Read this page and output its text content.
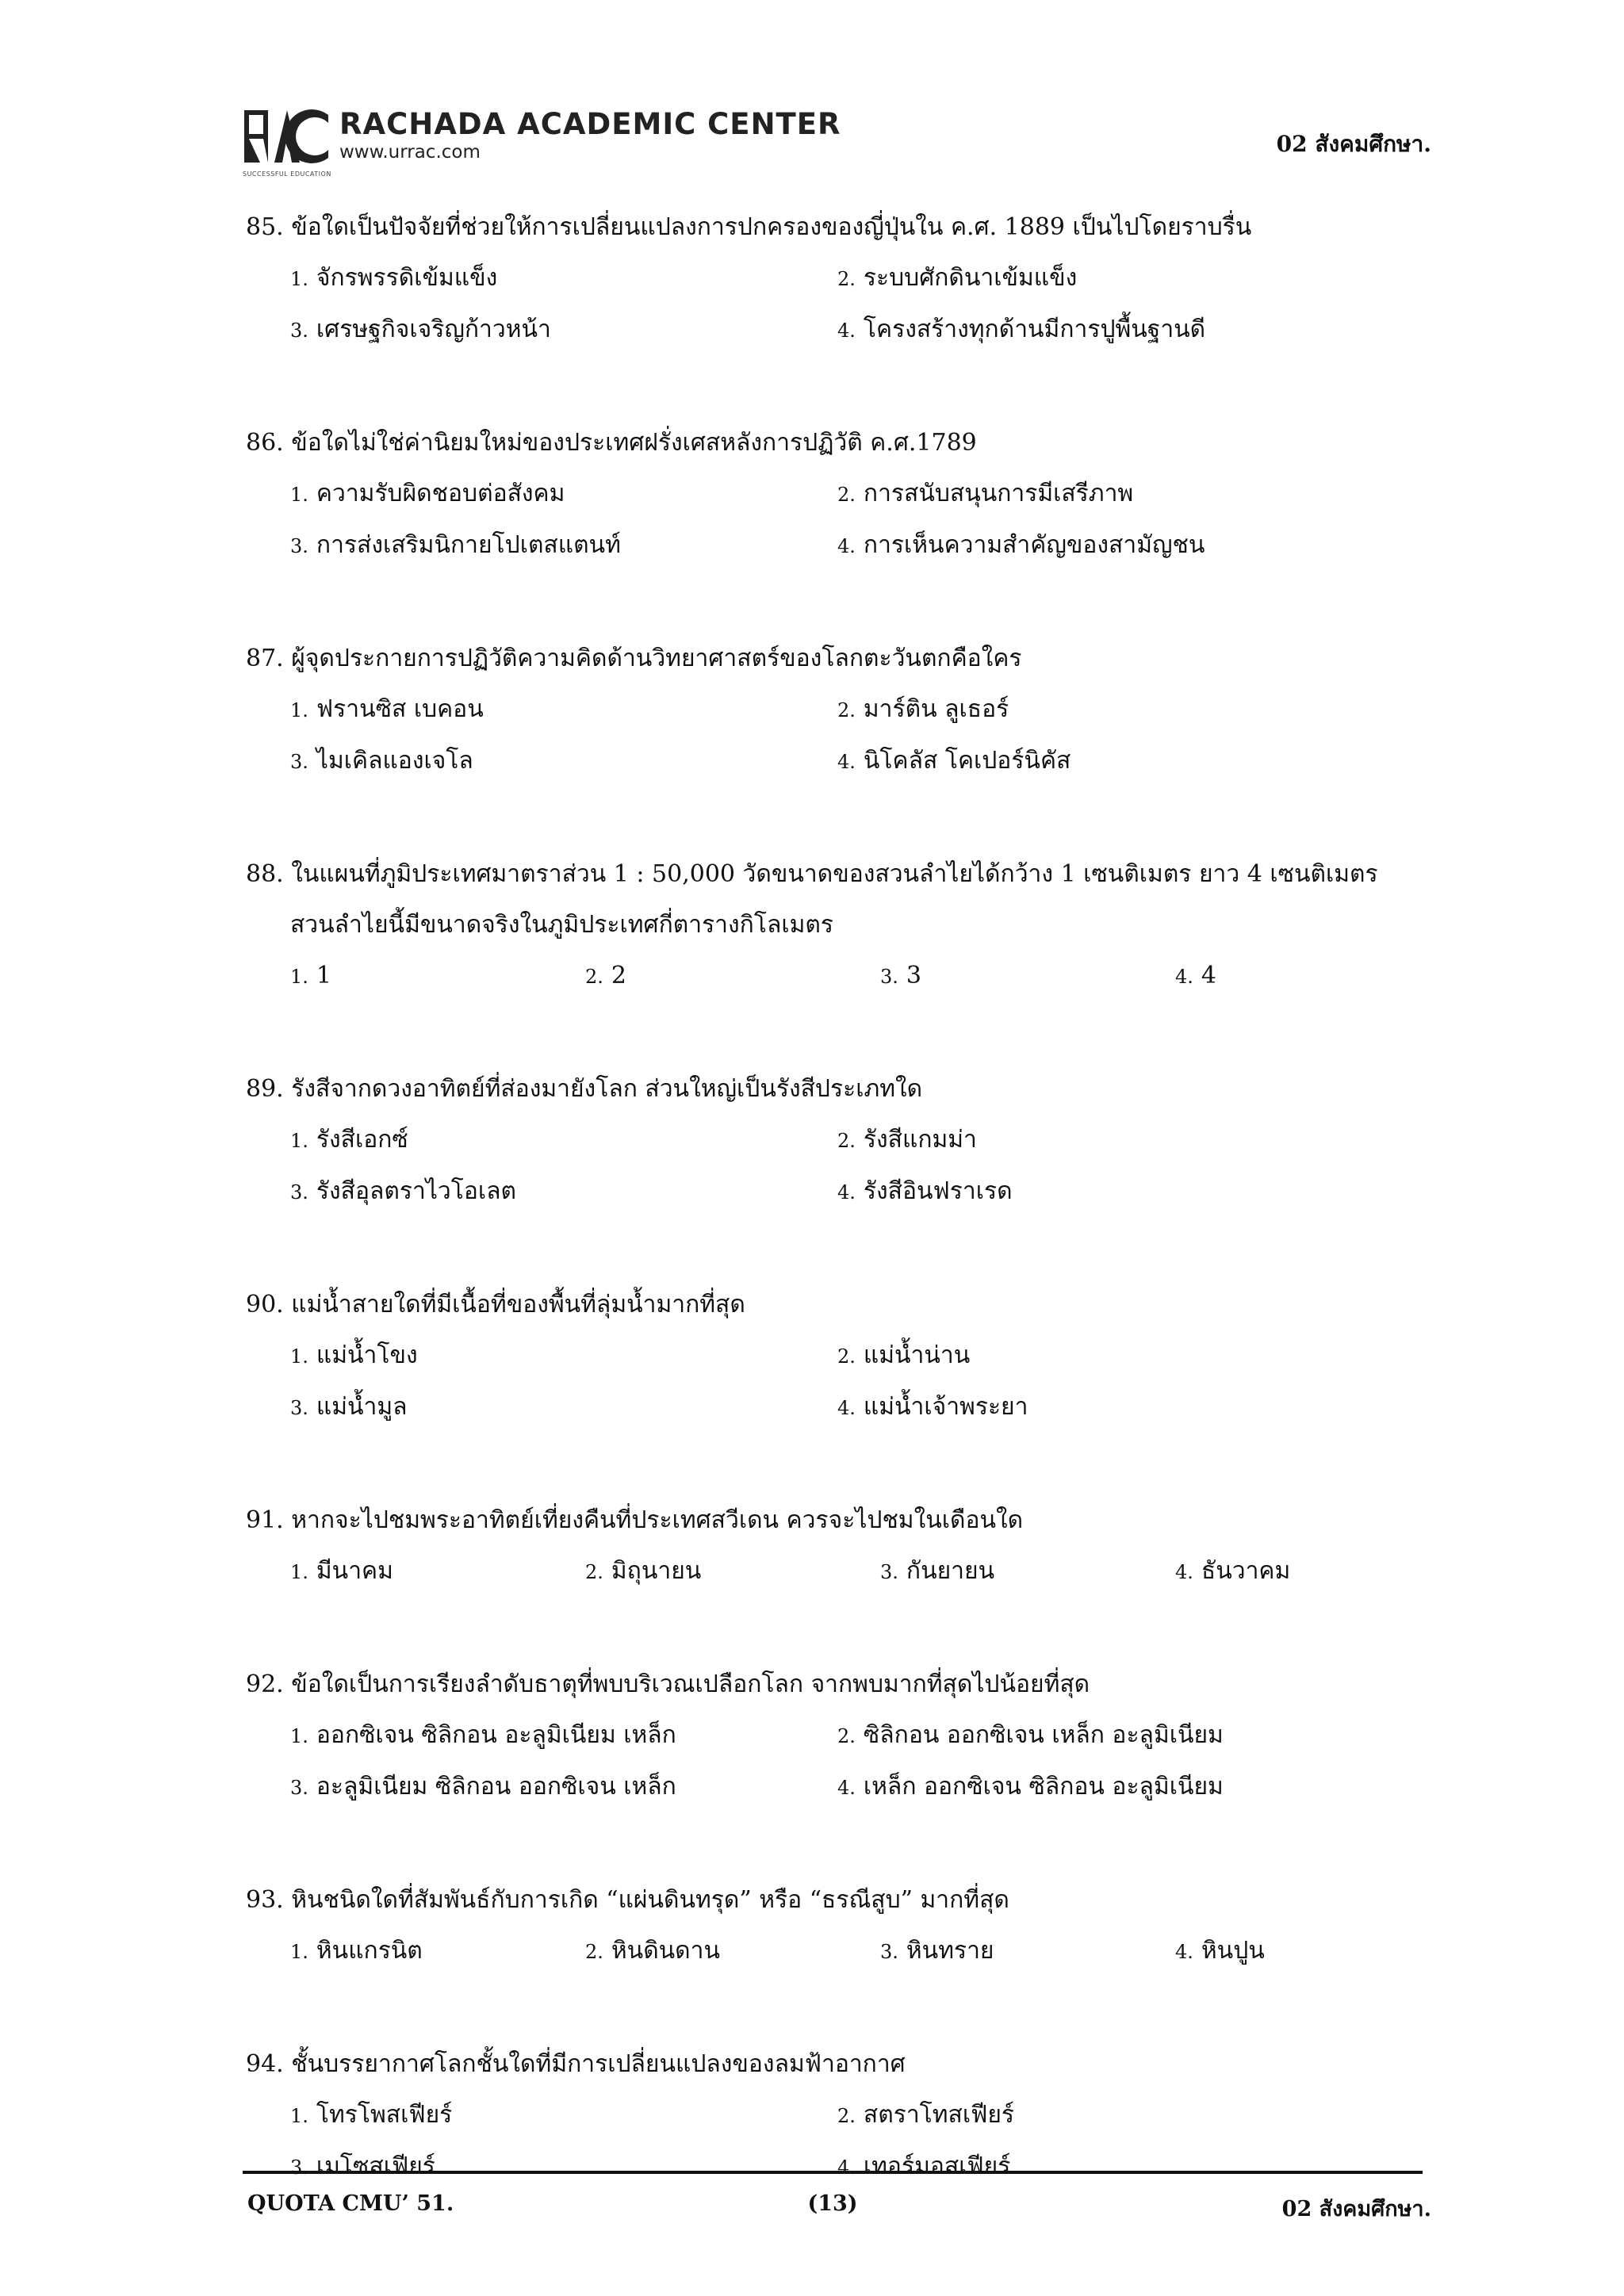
RACHADA ACADEMIC CENTER
www.urrac.com
SUCCESSFUL EDUCATION
02 สังคมศึกษา.
85. ข้อใดเป็นปัจจัยที่ช่วยให้การเปลี่ยนแปลงการปกครองของญี่ปุ่นใน ค.ศ. 1889 เป็นไปโดยราบรื่น
1. จักรพรรดิเข้มแข็ง	2. ระบบศักดินาเข้มแข็ง
3. เศรษฐกิจเจริญก้าวหน้า	4. โครงสร้างทุกด้านมีการปูพื้นฐานดี
86. ข้อใดไม่ใช่ค่านิยมใหม่ของประเทศฝรั่งเศสหลังการปฏิวัติ ค.ศ.1789
1. ความรับผิดชอบต่อสังคม	2. การสนับสนุนการมีเสรีภาพ
3. การส่งเสริมนิกายโปเตสแตนท์	4. การเห็นความสำคัญของสามัญชน
87. ผู้จุดประกายการปฏิวัติความคิดด้านวิทยาศาสตร์ของโลกตะวันตกคือใคร
1. ฟรานซิส เบคอน	2. มาร์ติน ลูเธอร์
3. ไมเคิลแองเจโล	4. นิโคลัส โคเปอร์นิคัส
88. ในแผนที่ภูมิประเทศมาตราส่วน 1 : 50,000 วัดขนาดของสวนลำไยได้กว้าง 1 เซนติเมตร ยาว 4 เซนติเมตร
สวนลำไยนี้มีขนาดจริงในภูมิประเทศกี่ตารางกิโลเมตร
1. 1	2. 2	3. 3	4. 4
89. รังสีจากดวงอาทิตย์ที่ส่องมายังโลก ส่วนใหญ่เป็นรังสีประเภทใด
1. รังสีเอกซ์	2. รังสีแกมม่า
3. รังสีอุลตราไวโอเลต	4. รังสีอินฟราเรด
90. แม่น้ำสายใดที่มีเนื้อที่ของพื้นที่ลุ่มน้ำมากที่สุด
1. แม่น้ำโขง	2. แม่น้ำน่าน
3. แม่น้ำมูล	4. แม่น้ำเจ้าพระยา
91. หากจะไปชมพระอาทิตย์เที่ยงคืนที่ประเทศสวีเดน ควรจะไปชมในเดือนใด
1. มีนาคม	2. มิถุนายน	3. กันยายน	4. ธันวาคม
92. ข้อใดเป็นการเรียงลำดับธาตุที่พบบริเวณเปลือกโลก จากพบมากที่สุดไปน้อยที่สุด
1. ออกซิเจน ซิลิกอน อะลูมิเนียม เหล็ก	2. ซิลิกอน ออกซิเจน เหล็ก อะลูมิเนียม
3. อะลูมิเนียม ซิลิกอน ออกซิเจน เหล็ก	4. เหล็ก ออกซิเจน ซิลิกอน อะลูมิเนียม
93. หินชนิดใดที่สัมพันธ์กับการเกิด “แผ่นดินทรุด” หรือ “ธรณีสูบ” มากที่สุด
1. หินแกรนิต	2. หินดินดาน	3. หินทราย	4. หินปูน
94. ชั้นบรรยากาศโลกชั้นใดที่มีการเปลี่ยนแปลงของลมฟ้าอากาศ
1. โทรโพสเฟียร์	2. สตราโทสเฟียร์
3. เมโซสเฟียร์	4. เทอร์มอสเฟียร์
QUOTA CMU’ 51.	(13)	02 สังคมศึกษา.
